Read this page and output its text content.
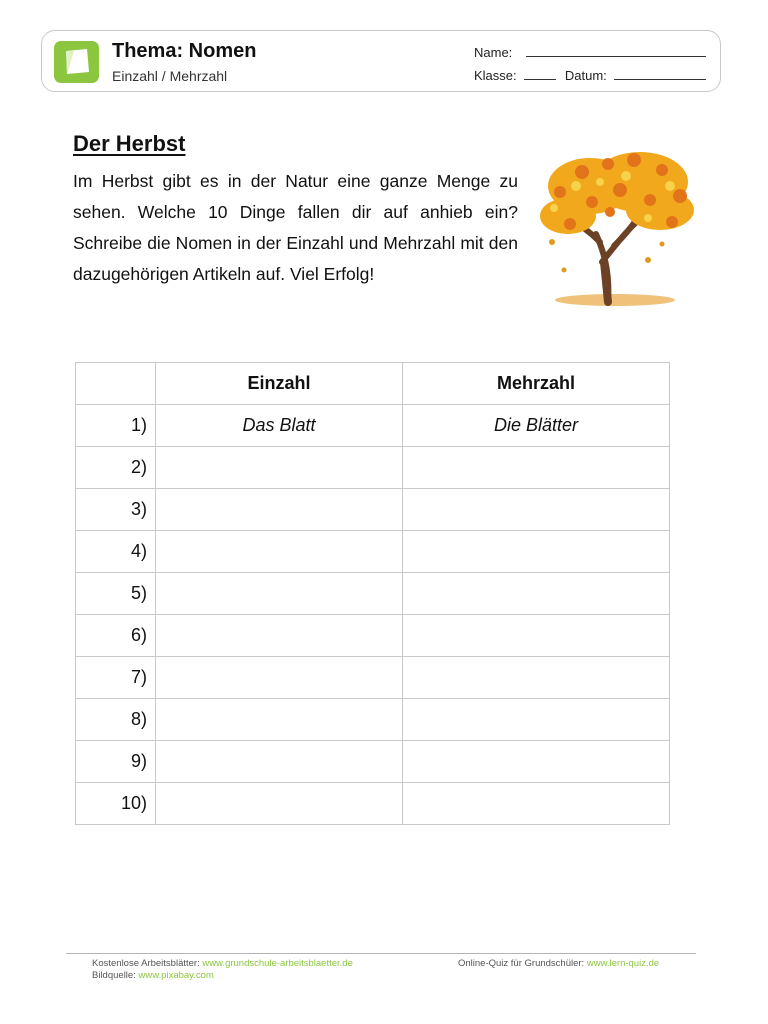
Thema: Nomen
Einzahl / Mehrzahl
Name:
Klasse:	Datum:
Der Herbst

Im Herbst gibt es in der Natur eine ganze Menge zu sehen. Welche 10 Dinge fallen dir auf anhieb ein? Schreibe die Nomen in der Einzahl und Mehrzahl mit den dazugehörigen Artikeln auf. Viel Erfolg!

	Einzahl	Mehrzahl
1)	Das Blatt	Die Blätter
2)		
3)		
4)		
5)		
6)		
7)		
8)		
9)		
10)		
Kostenlose Arbeitsblätter: www.grundschule-arbeitsblaetter.de
Bildquelle: www.pixabay.com
Online-Quiz für Grundschüler: www.lern-quiz.de
